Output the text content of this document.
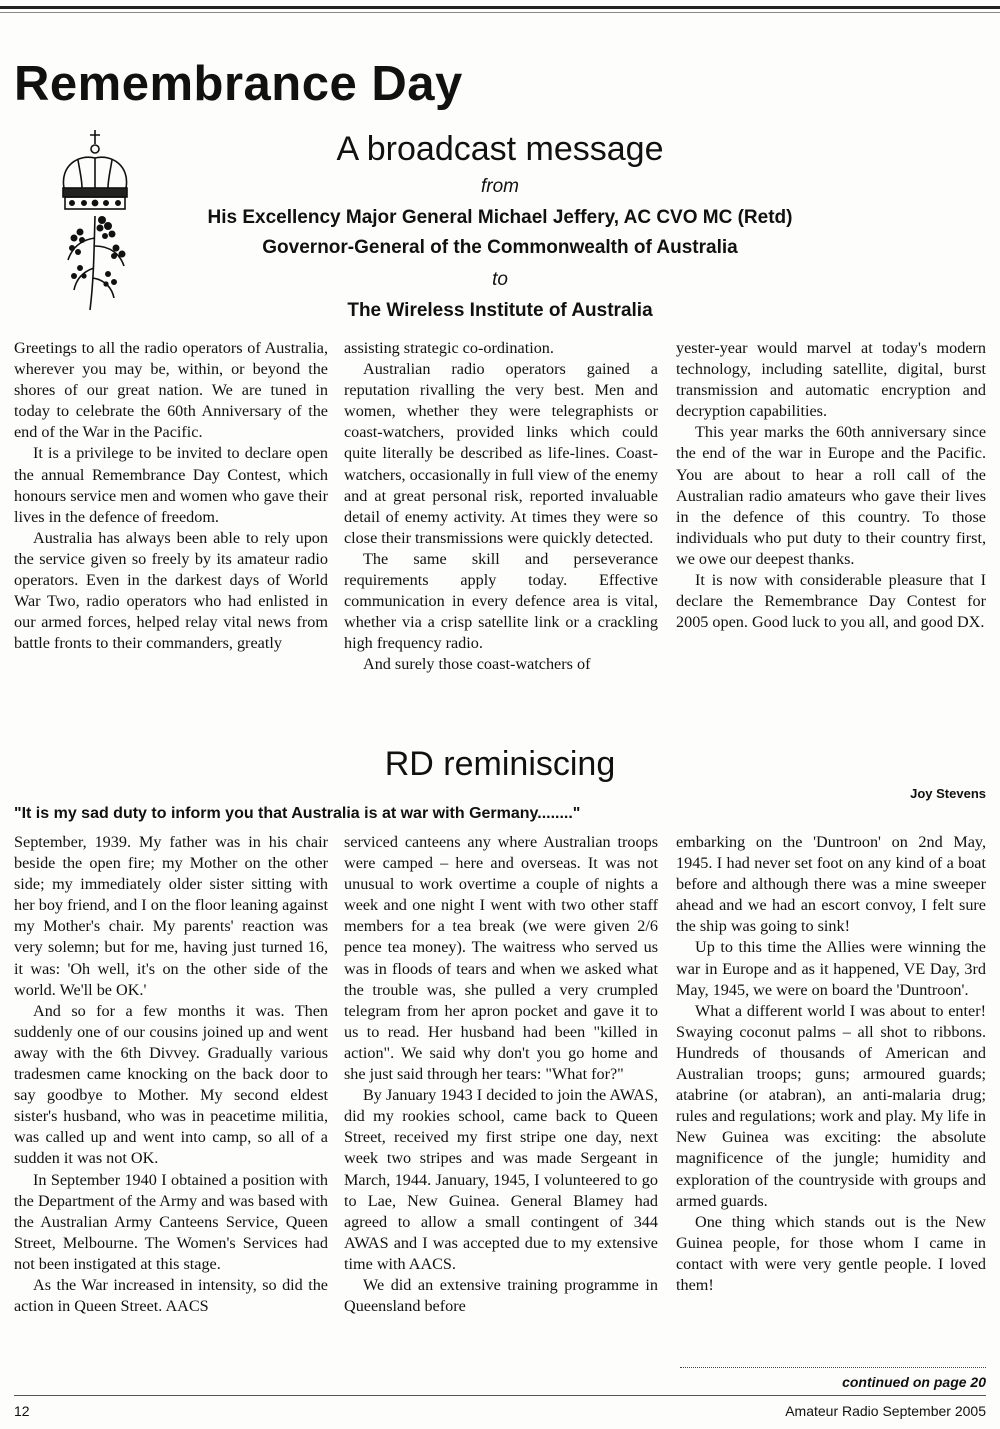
Remembrance Day
A broadcast message
from
His Excellency Major General Michael Jeffery, AC CVO MC (Retd)
Governor-General of the Commonwealth of Australia
to
The Wireless Institute of Australia

Greetings to all the radio operators of Australia, wherever you may be, within, or beyond the shores of our great nation. We are tuned in today to celebrate the 60th Anniversary of the end of the War in the Pacific.

It is a privilege to be invited to declare open the annual Remembrance Day Contest, which honours service men and women who gave their lives in the defence of freedom.

Australia has always been able to rely upon the service given so freely by its amateur radio operators. Even in the darkest days of World War Two, radio operators who had enlisted in our armed forces, helped relay vital news from battle fronts to their commanders, greatly

assisting strategic co-ordination.

Australian radio operators gained a reputation rivalling the very best. Men and women, whether they were telegraphists or coast-watchers, provided links which could quite literally be described as life-lines. Coast-watchers, occasionally in full view of the enemy and at great personal risk, reported invaluable detail of enemy activity. At times they were so close their transmissions were quickly detected.

The same skill and perseverance requirements apply today. Effective communication in every defence area is vital, whether via a crisp satellite link or a crackling high frequency radio.

And surely those coast-watchers of

yester-year would marvel at today's modern technology, including satellite, digital, burst transmission and automatic encryption and decryption capabilities.

This year marks the 60th anniversary since the end of the war in Europe and the Pacific. You are about to hear a roll call of the Australian radio amateurs who gave their lives in the defence of this country. To those individuals who put duty to their country first, we owe our deepest thanks.

It is now with considerable pleasure that I declare the Remembrance Day Contest for 2005 open. Good luck to you all, and good DX.

RD reminiscing
Joy Stevens
"It is my sad duty to inform you that Australia is at war with Germany........"

September, 1939. My father was in his chair beside the open fire; my Mother on the other side; my immediately older sister sitting with her boy friend, and I on the floor leaning against my Mother's chair. My parents' reaction was very solemn; but for me, having just turned 16, it was: 'Oh well, it's on the other side of the world. We'll be OK.'

And so for a few months it was. Then suddenly one of our cousins joined up and went away with the 6th Divvey. Gradually various tradesmen came knocking on the back door to say goodbye to Mother. My second eldest sister's husband, who was in peacetime militia, was called up and went into camp, so all of a sudden it was not OK.

In September 1940 I obtained a position with the Department of the Army and was based with the Australian Army Canteens Service, Queen Street, Melbourne. The Women's Services had not been instigated at this stage.

As the War increased in intensity, so did the action in Queen Street. AACS

serviced canteens any where Australian troops were camped – here and overseas. It was not unusual to work overtime a couple of nights a week and one night I went with two other staff members for a tea break (we were given 2/6 pence tea money). The waitress who served us was in floods of tears and when we asked what the trouble was, she pulled a very crumpled telegram from her apron pocket and gave it to us to read. Her husband had been "killed in action". We said why don't you go home and she just said through her tears: "What for?"

By January 1943 I decided to join the AWAS, did my rookies school, came back to Queen Street, received my first stripe one day, next week two stripes and was made Sergeant in March, 1944. January, 1945, I volunteered to go to Lae, New Guinea. General Blamey had agreed to allow a small contingent of 344 AWAS and I was accepted due to my extensive time with AACS.

We did an extensive training programme in Queensland before

embarking on the 'Duntroon' on 2nd May, 1945. I had never set foot on any kind of a boat before and although there was a mine sweeper ahead and we had an escort convoy, I felt sure the ship was going to sink!

Up to this time the Allies were winning the war in Europe and as it happened, VE Day, 3rd May, 1945, we were on board the 'Duntroon'.

What a different world I was about to enter! Swaying coconut palms – all shot to ribbons. Hundreds of thousands of American and Australian troops; guns; armoured guards; atabrine (or atabran), an anti-malaria drug; rules and regulations; work and play. My life in New Guinea was exciting: the absolute magnificence of the jungle; humidity and exploration of the countryside with groups and armed guards.

One thing which stands out is the New Guinea people, for those whom I came in contact with were very gentle people. I loved them!

continued on page 20
12	Amateur Radio September 2005
